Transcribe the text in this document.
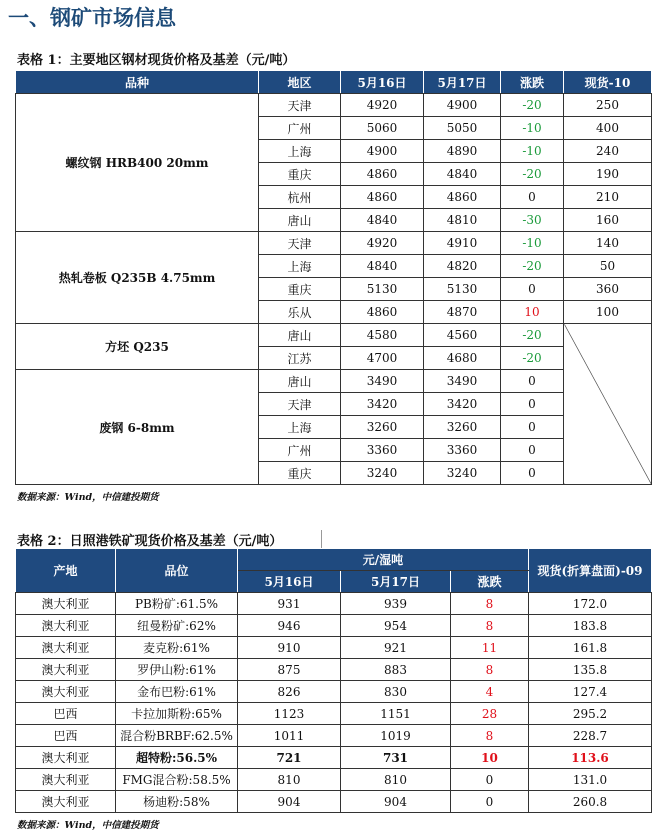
一、钢矿市场信息
表格 1：主要地区钢材现货价格及基差（元/吨）
品种	地区	5月16日	5月17日	涨跌	现货-10
螺纹钢 HRB400 20mm	天津	4920	4900	-20	250
	广州	5060	5050	-10	400
	上海	4900	4890	-10	240
	重庆	4860	4840	-20	190
	杭州	4860	4860	0	210
	唐山	4840	4810	-30	160
热轧卷板 Q235B 4.75mm	天津	4920	4910	-10	140
	上海	4840	4820	-20	50
	重庆	5130	5130	0	360
	乐从	4860	4870	10	100
方坯 Q235	唐山	4580	4560	-20	
	江苏	4700	4680	-20	
废钢 6-8mm	唐山	3490	3490	0	
	天津	3420	3420	0	
	上海	3260	3260	0	
	广州	3360	3360	0	
	重庆	3240	3240	0	
数据来源：Wind，中信建投期货
表格 2：日照港铁矿现货价格及基差（元/吨）
产地	品位	元/湿吨			现货(折算盘面)-09
		5月16日	5月17日	涨跌	
澳大利亚	PB粉矿:61.5%	931	939	8	172.0
澳大利亚	纽曼粉矿:62%	946	954	8	183.8
澳大利亚	麦克粉:61%	910	921	11	161.8
澳大利亚	罗伊山粉:61%	875	883	8	135.8
澳大利亚	金布巴粉:61%	826	830	4	127.4
巴西	卡拉加斯粉:65%	1123	1151	28	295.2
巴西	混合粉BRBF:62.5%	1011	1019	8	228.7
澳大利亚	超特粉:56.5%	721	731	10	113.6
澳大利亚	FMG混合粉:58.5%	810	810	0	131.0
澳大利亚	杨迪粉:58%	904	904	0	260.8
数据来源：Wind，中信建投期货
